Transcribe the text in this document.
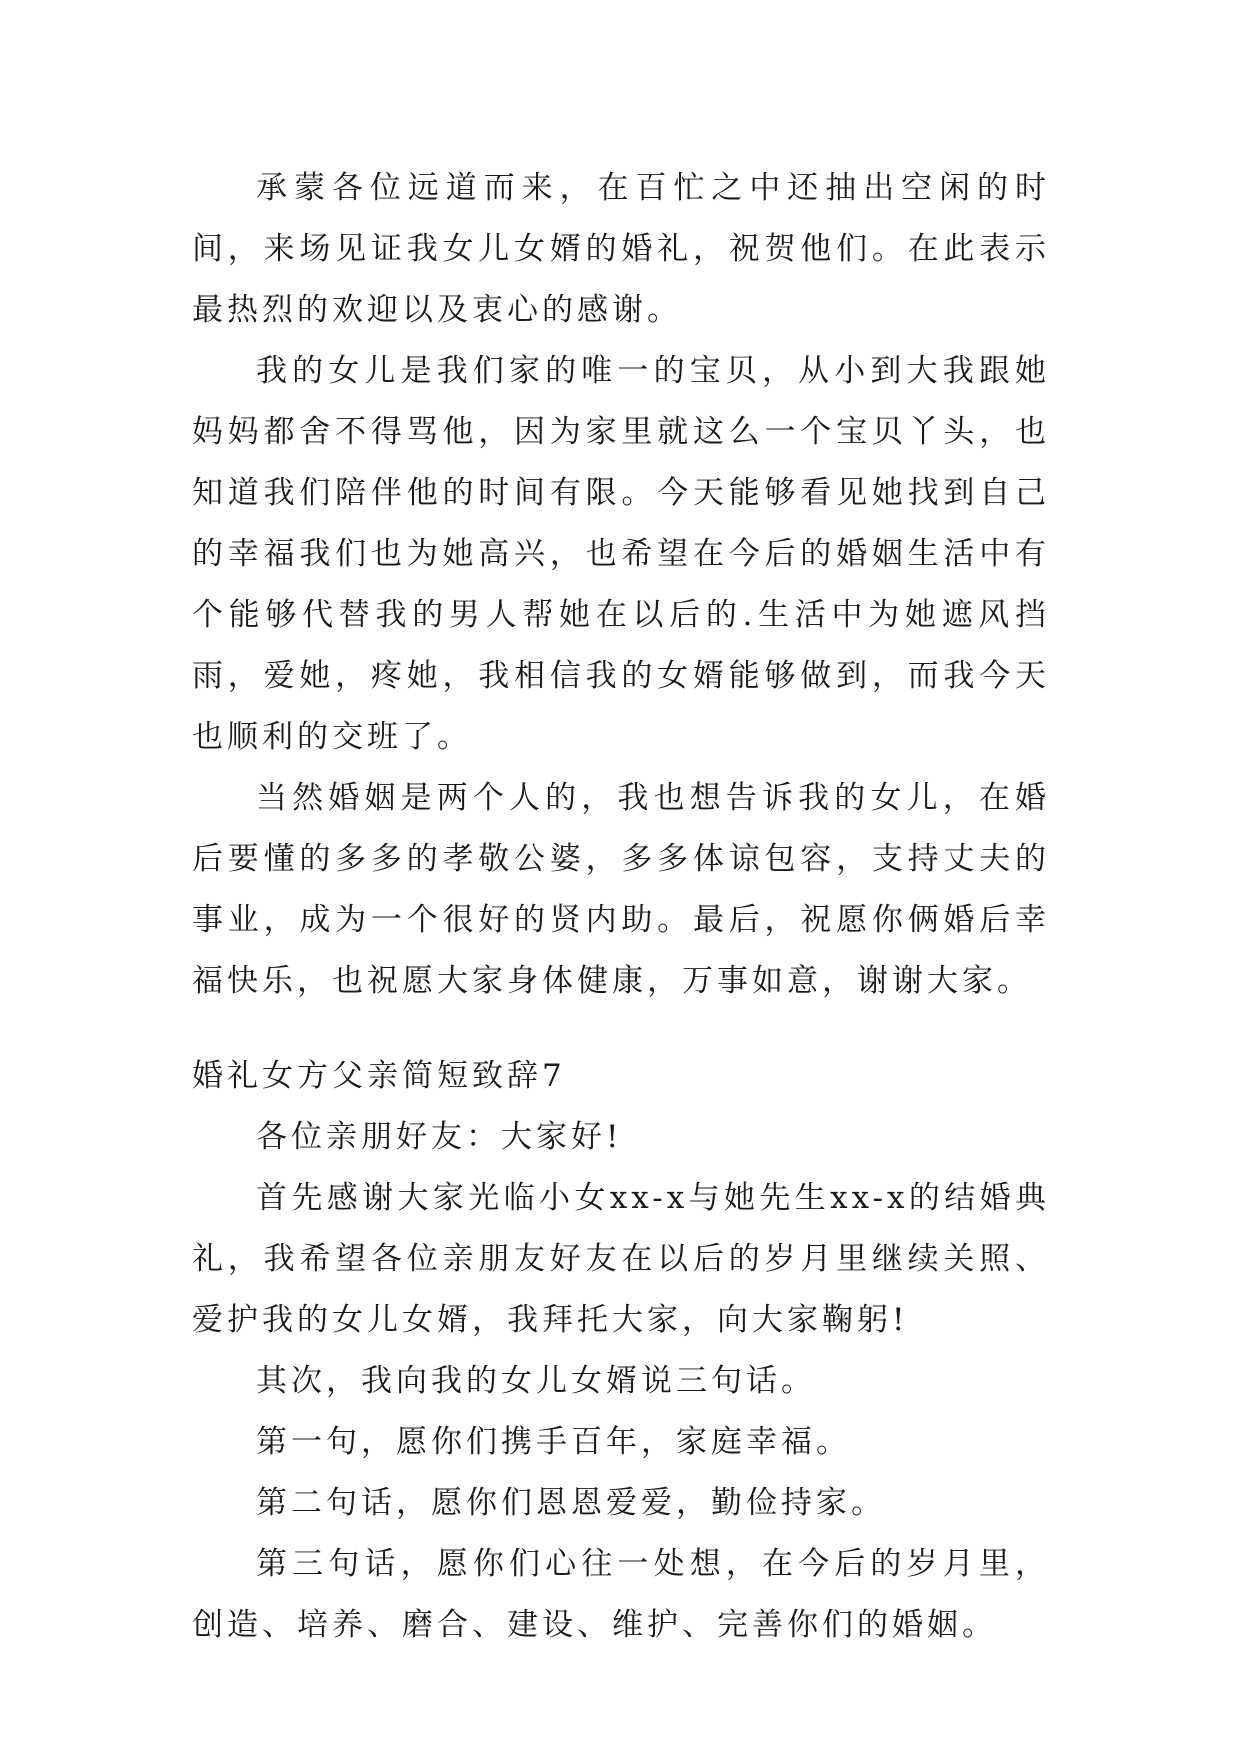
承蒙各位远道而来，在百忙之中还抽出空闲的时间，来场见证我女儿女婿的婚礼，祝贺他们。在此表示最热烈的欢迎以及衷心的感谢。

我的女儿是我们家的唯一的宝贝，从小到大我跟她妈妈都舍不得骂他，因为家里就这么一个宝贝丫头，也知道我们陪伴他的时间有限。今天能够看见她找到自己的幸福我们也为她高兴，也希望在今后的婚姻生活中有个能够代替我的男人帮她在以后的.生活中为她遮风挡雨，爱她，疼她，我相信我的女婿能够做到，而我今天也顺利的交班了。

当然婚姻是两个人的，我也想告诉我的女儿，在婚后要懂的多多的孝敬公婆，多多体谅包容，支持丈夫的事业，成为一个很好的贤内助。最后，祝愿你俩婚后幸福快乐，也祝愿大家身体健康，万事如意，谢谢大家。

婚礼女方父亲简短致辞7

各位亲朋好友：大家好!

首先感谢大家光临小女xx-x与她先生xx-x的结婚典礼，我希望各位亲朋友好友在以后的岁月里继续关照、爱护我的女儿女婿，我拜托大家，向大家鞠躬!

其次，我向我的女儿女婿说三句话。

第一句，愿你们携手百年，家庭幸福。

第二句话，愿你们恩恩爱爱，勤俭持家。

第三句话，愿你们心往一处想，在今后的岁月里，创造、培养、磨合、建设、维护、完善你们的婚姻。
